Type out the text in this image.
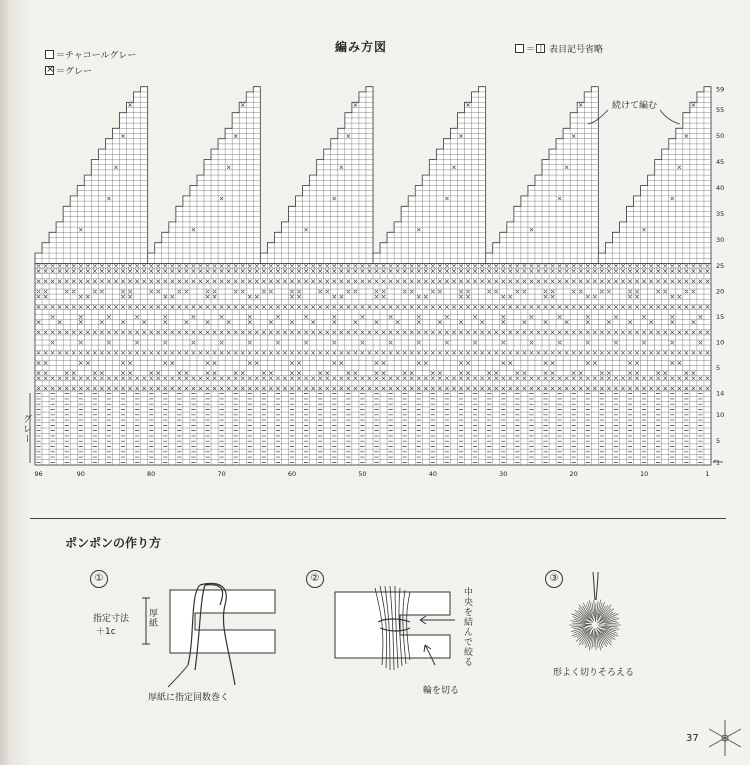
編み方図
＝チャコールグレー
×
＝グレー
＝ 丨 表目記号省略
5
10
15
20
25
30
35
40
45
50
55
59
1
5
10
14
96	90	80	70	60	50	40	30	20	10	1
続けて編む
グレー
ポンポンの作り方
①
指定寸法
＋1c
厚紙
厚紙に指定回数巻く
②
中央を結んで絞る
輪を切る
③
形よく切りそろえる
37
